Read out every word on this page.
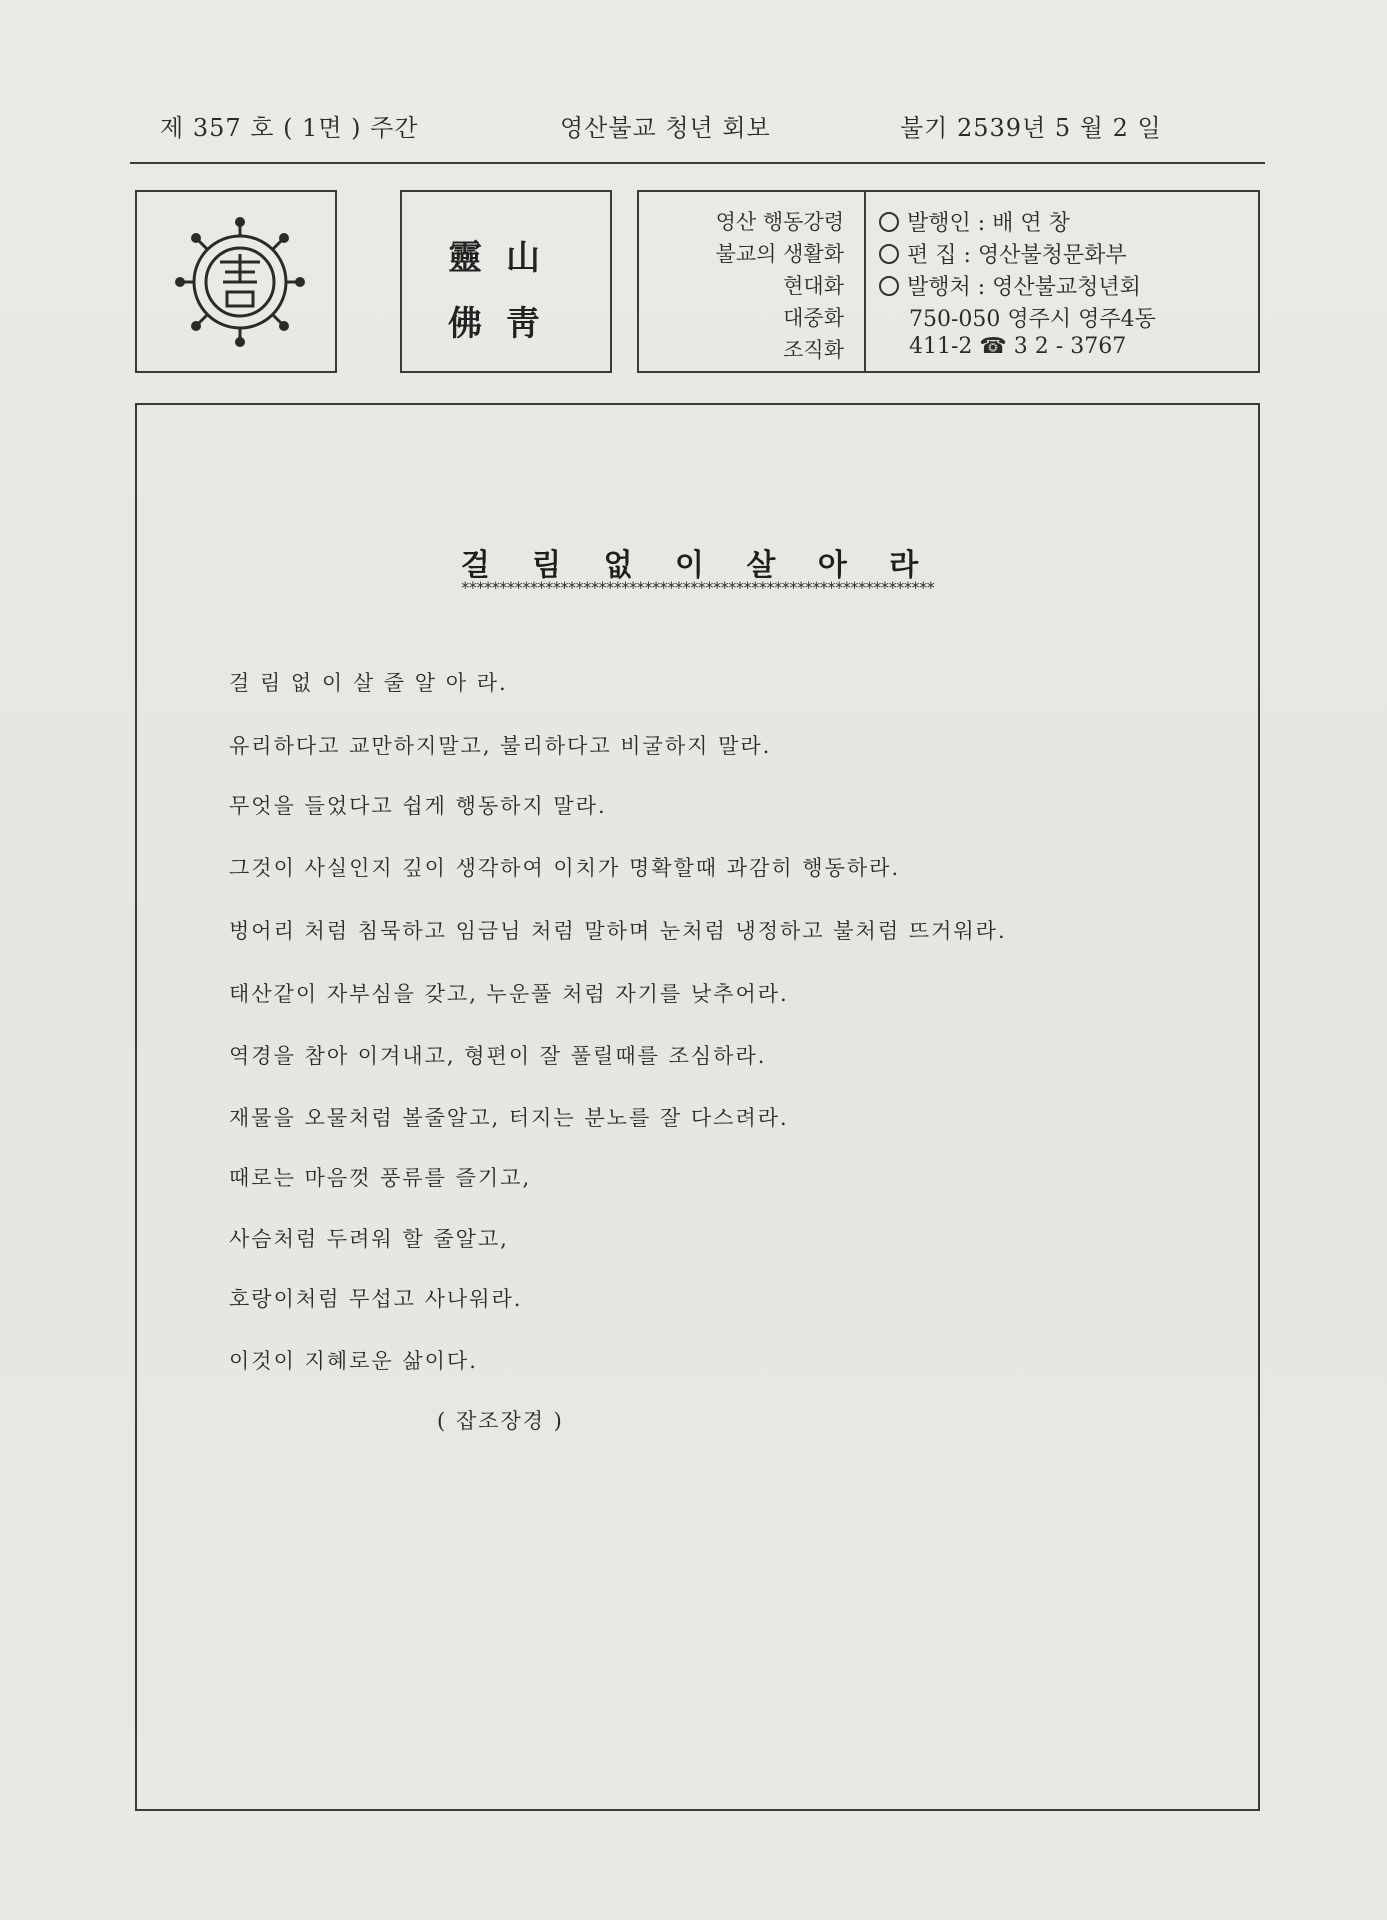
제 357 호 ( 1면 ) 주간	영산불교 청년 회보	불기 2539년 5 월 2 일
靈山
佛靑
영산 행동강령
불교의 생활화
현대화
대중화
조직화
발행인 : 배 연 창
편 집 : 영산불청문화부
발행처 : 영산불교청년회
750-050 영주시 영주4동
411-2 ☎ 3 2 - 3767
걸 림 없 이 살 아 라
**************************************************************
걸 림 없 이 살 줄 알 아 라.
유리하다고 교만하지말고, 불리하다고 비굴하지 말라.
무엇을 들었다고 쉽게 행동하지 말라.
그것이 사실인지 깊이 생각하여 이치가 명확할때 과감히 행동하라.
벙어리 처럼 침묵하고 임금님 처럼 말하며 눈처럼 냉정하고 불처럼 뜨거워라.
태산같이 자부심을 갖고, 누운풀 처럼 자기를 낮추어라.
역경을 참아 이겨내고, 형편이 잘 풀릴때를 조심하라.
재물을 오물처럼 볼줄알고, 터지는 분노를 잘 다스려라.
때로는 마음껏 풍류를 즐기고,
사슴처럼 두려워 할 줄알고,
호랑이처럼 무섭고 사나워라.
이것이 지혜로운 삶이다.
( 잡조장경 )
